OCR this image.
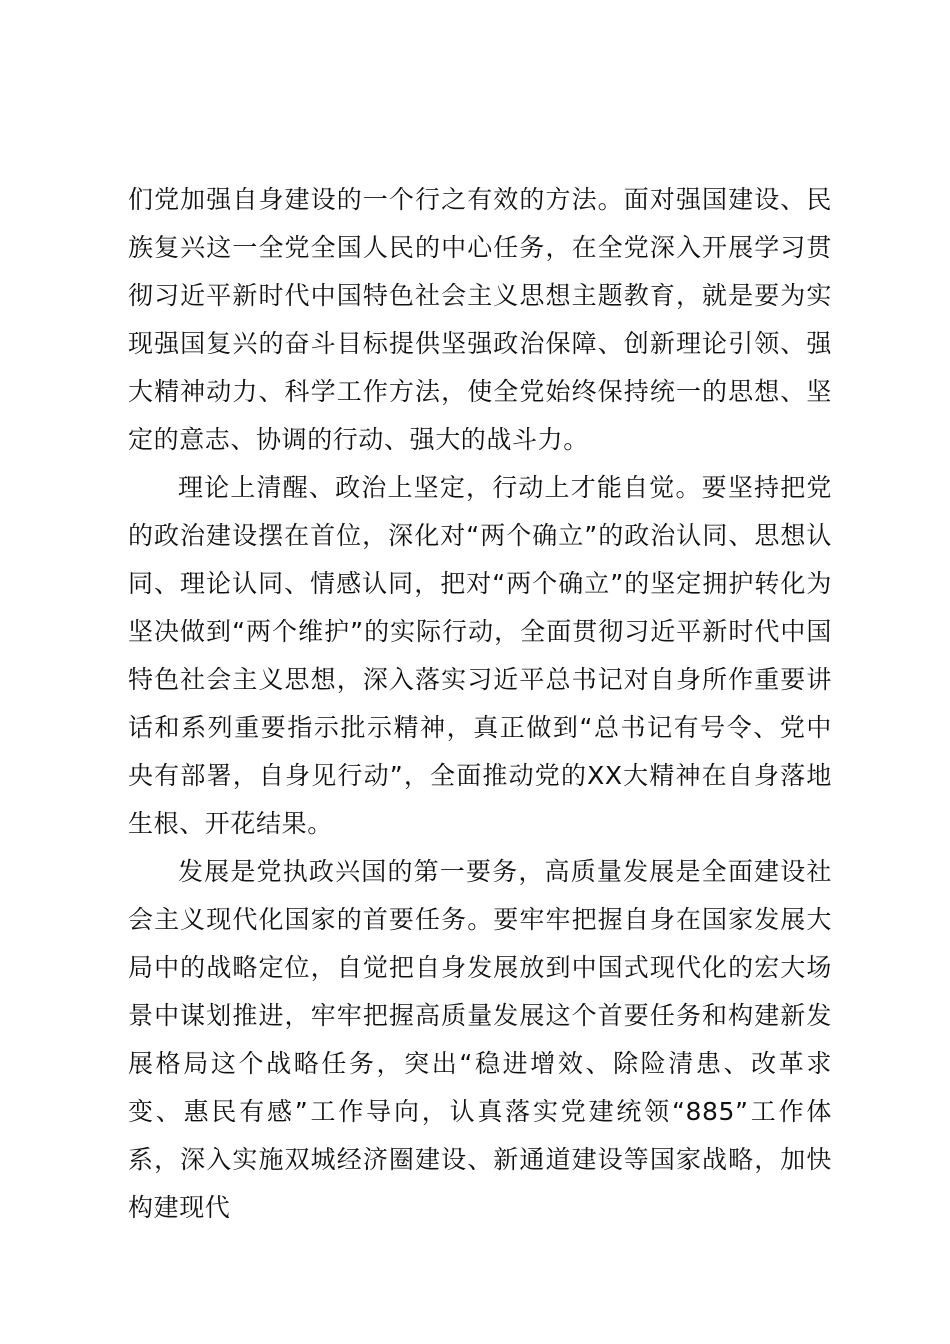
们党加强自身建设的一个行之有效的方法。面对强国建设、民族复兴这一全党全国人民的中心任务，在全党深入开展学习贯彻习近平新时代中国特色社会主义思想主题教育，就是要为实现强国复兴的奋斗目标提供坚强政治保障、创新理论引领、强大精神动力、科学工作方法，使全党始终保持统一的思想、坚定的意志、协调的行动、强大的战斗力。

理论上清醒、政治上坚定，行动上才能自觉。要坚持把党的政治建设摆在首位，深化对“两个确立”的政治认同、思想认同、理论认同、情感认同，把对“两个确立”的坚定拥护转化为坚决做到“两个维护”的实际行动，全面贯彻习近平新时代中国特色社会主义思想，深入落实习近平总书记对自身所作重要讲话和系列重要指示批示精神，真正做到“总书记有号令、党中央有部署，自身见行动”，全面推动党的XX大精神在自身落地生根、开花结果。

发展是党执政兴国的第一要务，高质量发展是全面建设社会主义现代化国家的首要任务。要牢牢把握自身在国家发展大局中的战略定位，自觉把自身发展放到中国式现代化的宏大场景中谋划推进，牢牢把握高质量发展这个首要任务和构建新发展格局这个战略任务，突出“稳进增效、除险清患、改革求变、惠民有感”工作导向，认真落实党建统领“885”工作体系，深入实施双城经济圈建设、新通道建设等国家战略，加快构建现代
